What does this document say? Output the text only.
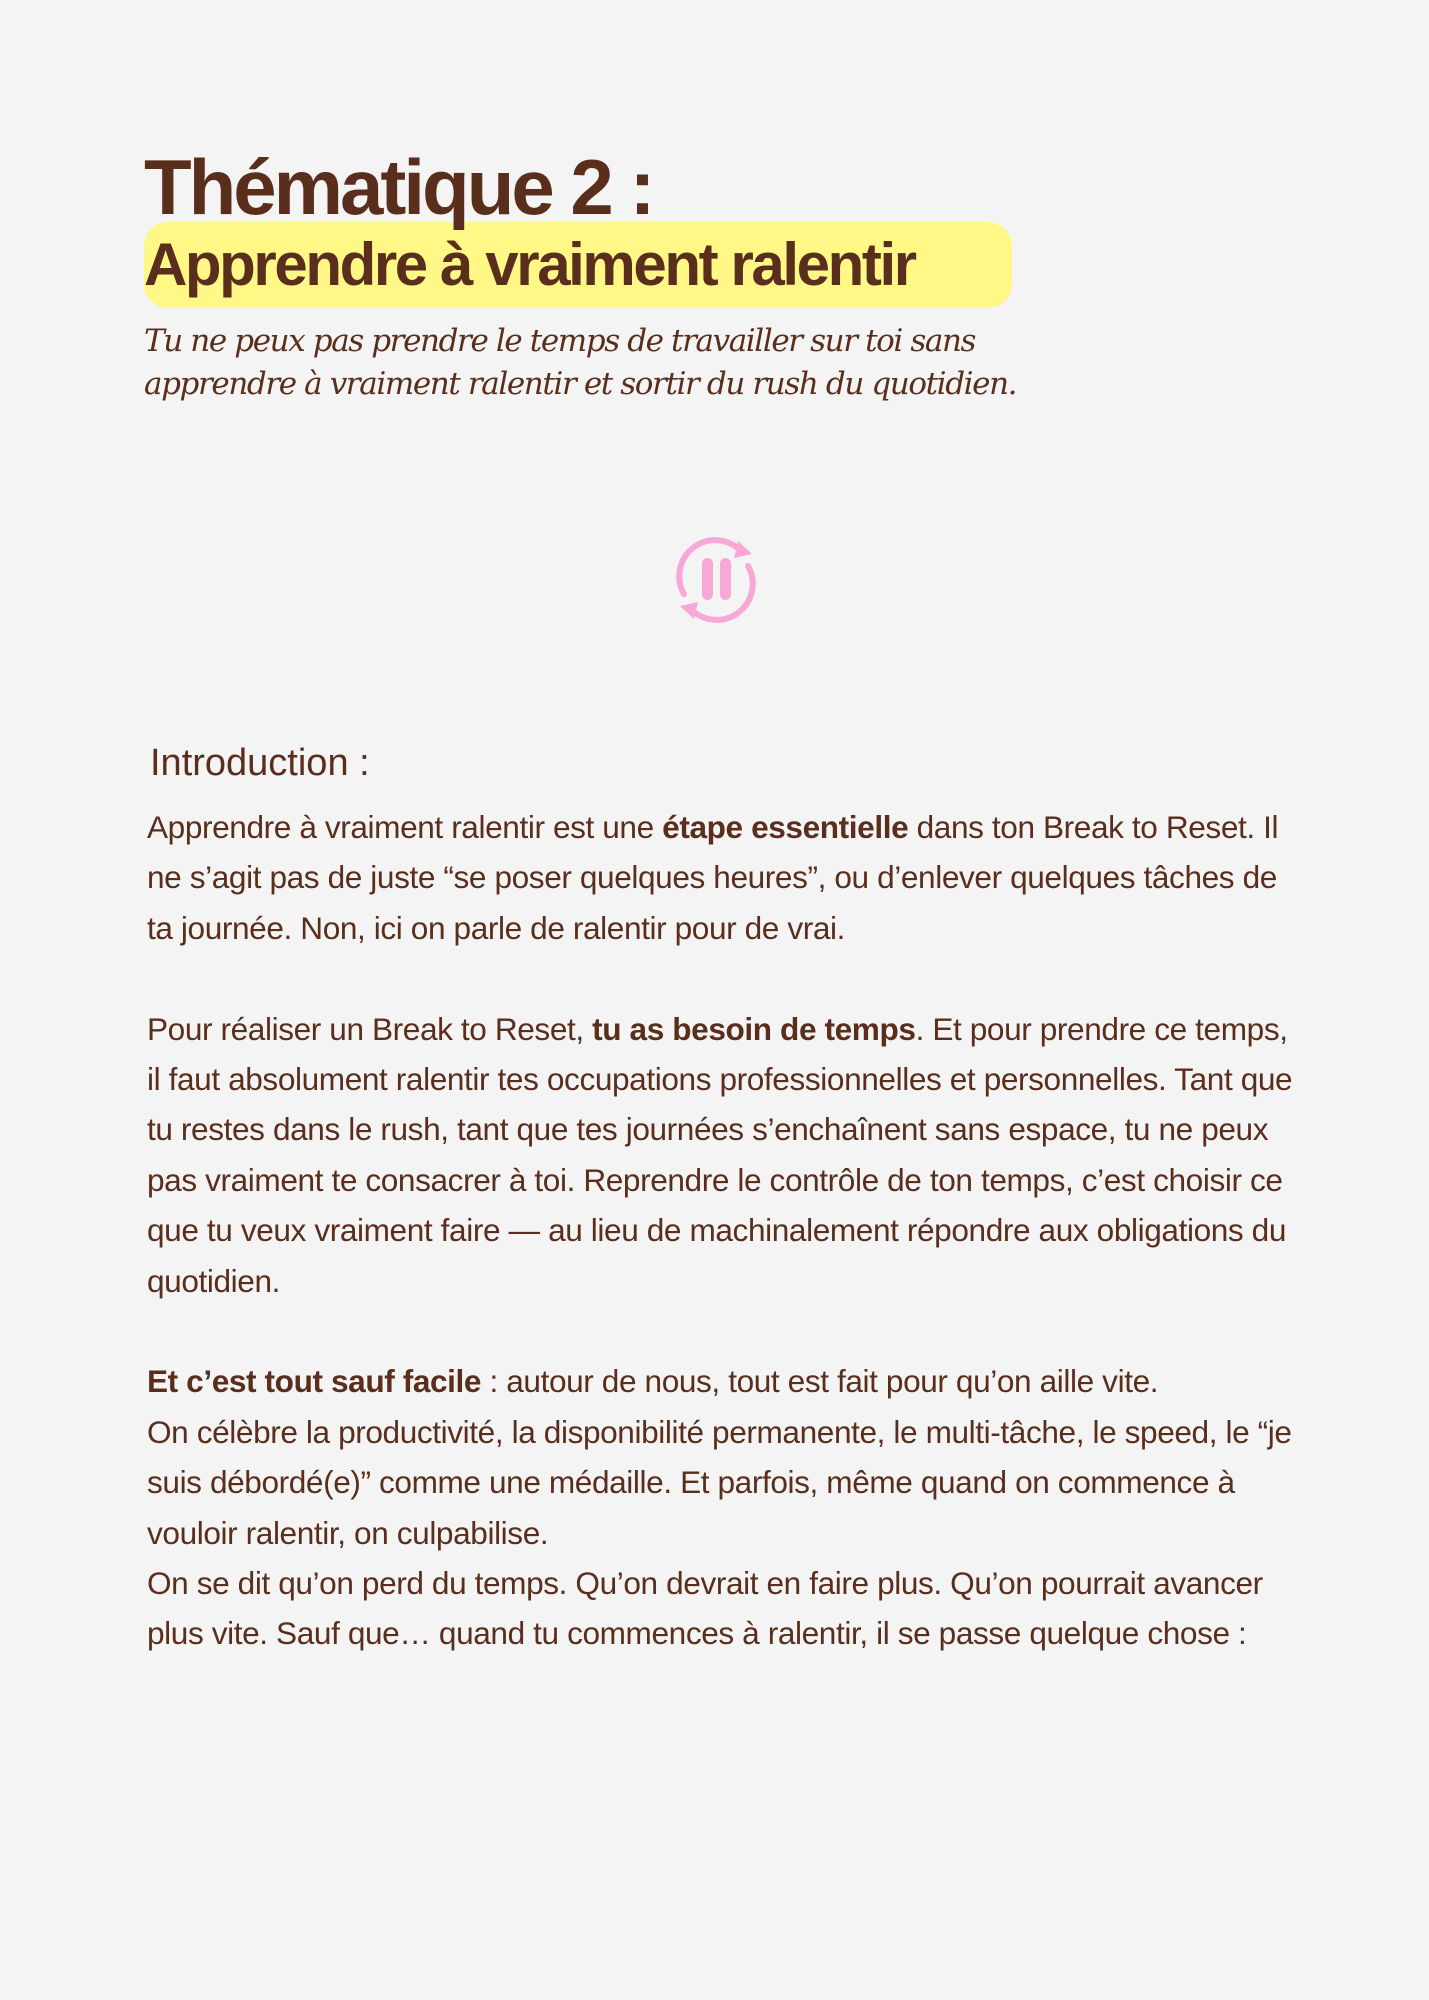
Thématique 2 :
Apprendre à vraiment ralentir

Tu ne peux pas prendre le temps de travailler sur toi sans
apprendre à vraiment ralentir et sortir du rush du quotidien.

Introduction :

Apprendre à vraiment ralentir est une étape essentielle dans ton Break to Reset. Il ne s’agit pas de juste “se poser quelques heures”, ou d’enlever quelques tâches de ta journée. Non, ici on parle de ralentir pour de vrai.

Pour réaliser un Break to Reset, tu as besoin de temps. Et pour prendre ce temps, il faut absolument ralentir tes occupations professionnelles et personnelles. Tant que tu restes dans le rush, tant que tes journées s’enchaînent sans espace, tu ne peux pas vraiment te consacrer à toi. Reprendre le contrôle de ton temps, c’est choisir ce que tu veux vraiment faire — au lieu de machinalement répondre aux obligations du quotidien.

Et c’est tout sauf facile : autour de nous, tout est fait pour qu’on aille vite.

On célèbre la productivité, la disponibilité permanente, le multi-tâche, le speed, le “je suis débordé(e)” comme une médaille. Et parfois, même quand on commence à vouloir ralentir, on culpabilise.

On se dit qu’on perd du temps. Qu’on devrait en faire plus. Qu’on pourrait avancer plus vite. Sauf que… quand tu commences à ralentir, il se passe quelque chose :
